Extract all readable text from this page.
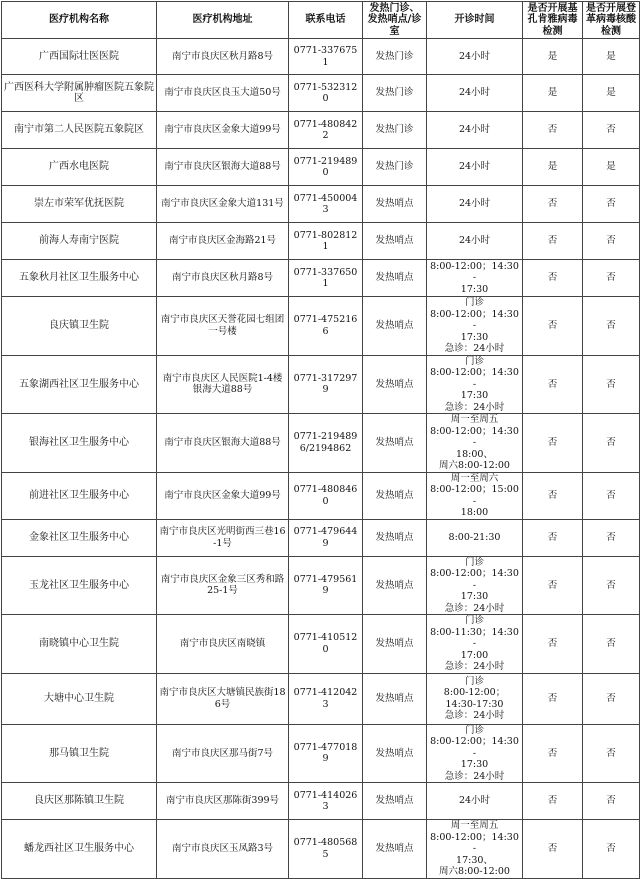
医疗机构名称	医疗机构地址	联系电话	发热门诊、发热哨点/诊室	开诊时间	是否开展基孔肯雅病毒检测	是否开展登革病毒核酸检测
广西国际壮医医院	南宁市良庆区秋月路8号	0771-3376751	发热门诊	24小时	是	是
广西医科大学附属肿瘤医院五象院区	南宁市良庆区良玉大道50号	0771-5323120	发热门诊	24小时	是	是
南宁市第二人民医院五象院区	南宁市良庆区金象大道99号	0771-4808422	发热门诊	24小时	否	否
广西水电医院	南宁市良庆区银海大道88号	0771-2194890	发热门诊	24小时	是	是
崇左市荣军优抚医院	南宁市良庆区金象大道131号	0771-4500043	发热哨点	24小时	否	否
前海人寿南宁医院	南宁市良庆区金海路21号	0771-8028121	发热哨点	24小时	否	否
五象秋月社区卫生服务中心	南宁市良庆区秋月路8号	0771-3376501	发热哨点	8:00-12:00；14:30-
17:30	否	否
良庆镇卫生院	南宁市良庆区天誉花园七组团一号楼	0771-4752166	发热哨点	门诊
8:00-12:00；14:30-
17:30
急诊：24小时	否	否
五象湖西社区卫生服务中心	南宁市良庆区人民医院1-4楼银海大道88号	0771-3172979	发热哨点	门诊
8:00-12:00；14:30-
17:30
急诊：24小时	否	否
银海社区卫生服务中心	南宁市良庆区银海大道88号	0771-2194896/2194862	发热哨点	周一至周五
8:00-12:00；14:30-
18:00、
周六8:00-12:00	否	否
前进社区卫生服务中心	南宁市良庆区金象大道99号	0771-4808460	发热哨点	周一至周六
8:00-12:00；15:00-
18:00	否	否
金象社区卫生服务中心	南宁市良庆区光明街西三巷16-1号	0771-4796449	发热哨点	8:00-21:30	否	否
玉龙社区卫生服务中心	南宁市良庆区金象三区秀和路25-1号	0771-4795619	发热哨点	门诊
8:00-12:00；14:30-
17:30
急诊：24小时	否	否
南晓镇中心卫生院	南宁市良庆区南晓镇	0771-4105120	发热哨点	门诊
8:00-11:30；14:30-
17:00
急诊：24小时	否	否
大塘中心卫生院	南宁市良庆区大塘镇民族街186号	0771-4120423	发热哨点	门诊
8:00-12:00；
14:30-17:30
急诊：24小时	否	否
那马镇卫生院	南宁市良庆区那马街7号	0771-4770189	发热哨点	门诊
8:00-12:00；14:30-
17:30
急诊：24小时	否	否
良庆区那陈镇卫生院	南宁市良庆区那陈街399号	0771-4140263	发热哨点	24小时	否	否
蟠龙西社区卫生服务中心	南宁市良庆区玉凤路3号	0771-4805685	发热哨点	周一至周五
8:00-12:00；14:30-
17:30、
周六8:00-12:00	否	否
